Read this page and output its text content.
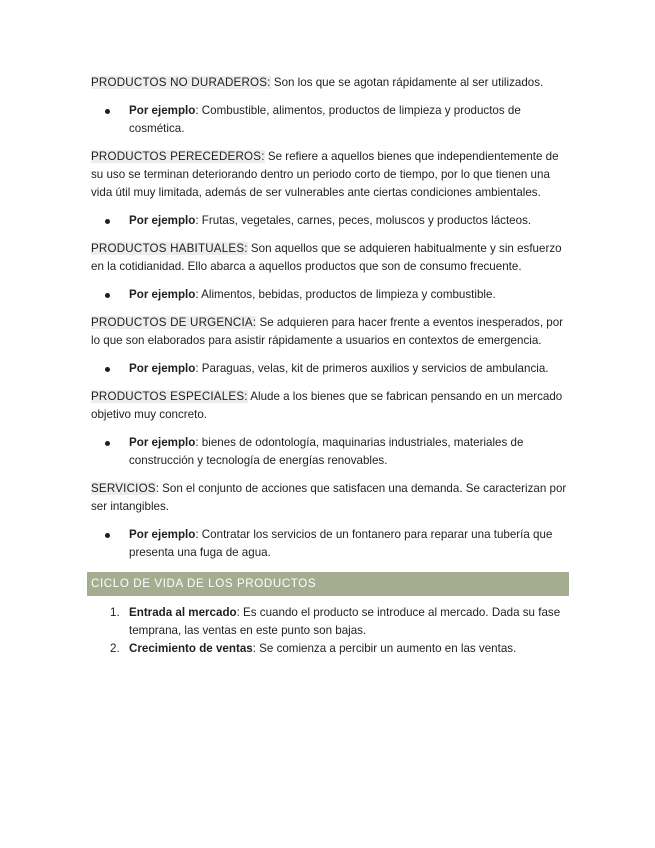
PRODUCTOS NO DURADEROS: Son los que se agotan rápidamente al ser utilizados.

Por ejemplo: Combustible, alimentos, productos de limpieza y productos de cosmética.

PRODUCTOS PERECEDEROS: Se refiere a aquellos bienes que independientemente de su uso se terminan deteriorando dentro un periodo corto de tiempo, por lo que tienen una vida útil muy limitada, además de ser vulnerables ante ciertas condiciones ambientales.

Por ejemplo: Frutas, vegetales, carnes, peces, moluscos y productos lácteos.

PRODUCTOS HABITUALES: Son aquellos que se adquieren habitualmente y sin esfuerzo en la cotidianidad. Ello abarca a aquellos productos que son de consumo frecuente.

Por ejemplo: Alimentos, bebidas, productos de limpieza y combustible.

PRODUCTOS DE URGENCIA: Se adquieren para hacer frente a eventos inesperados, por lo que son elaborados para asistir rápidamente a usuarios en contextos de emergencia.

Por ejemplo: Paraguas, velas, kit de primeros auxilios y servicios de ambulancia.

PRODUCTOS ESPECIALES: Alude a los bienes que se fabrican pensando en un mercado objetivo muy concreto.

Por ejemplo: bienes de odontología, maquinarias industriales, materiales de construcción y tecnología de energías renovables.

SERVICIOS: Son el conjunto de acciones que satisfacen una demanda. Se caracterizan por ser intangibles.

Por ejemplo: Contratar los servicios de un fontanero para reparar una tubería que presenta una fuga de agua.
CICLO DE VIDA DE LOS PRODUCTOS
1. Entrada al mercado: Es cuando el producto se introduce al mercado. Dada su fase temprana, las ventas en este punto son bajas.
2. Crecimiento de ventas: Se comienza a percibir un aumento en las ventas.
